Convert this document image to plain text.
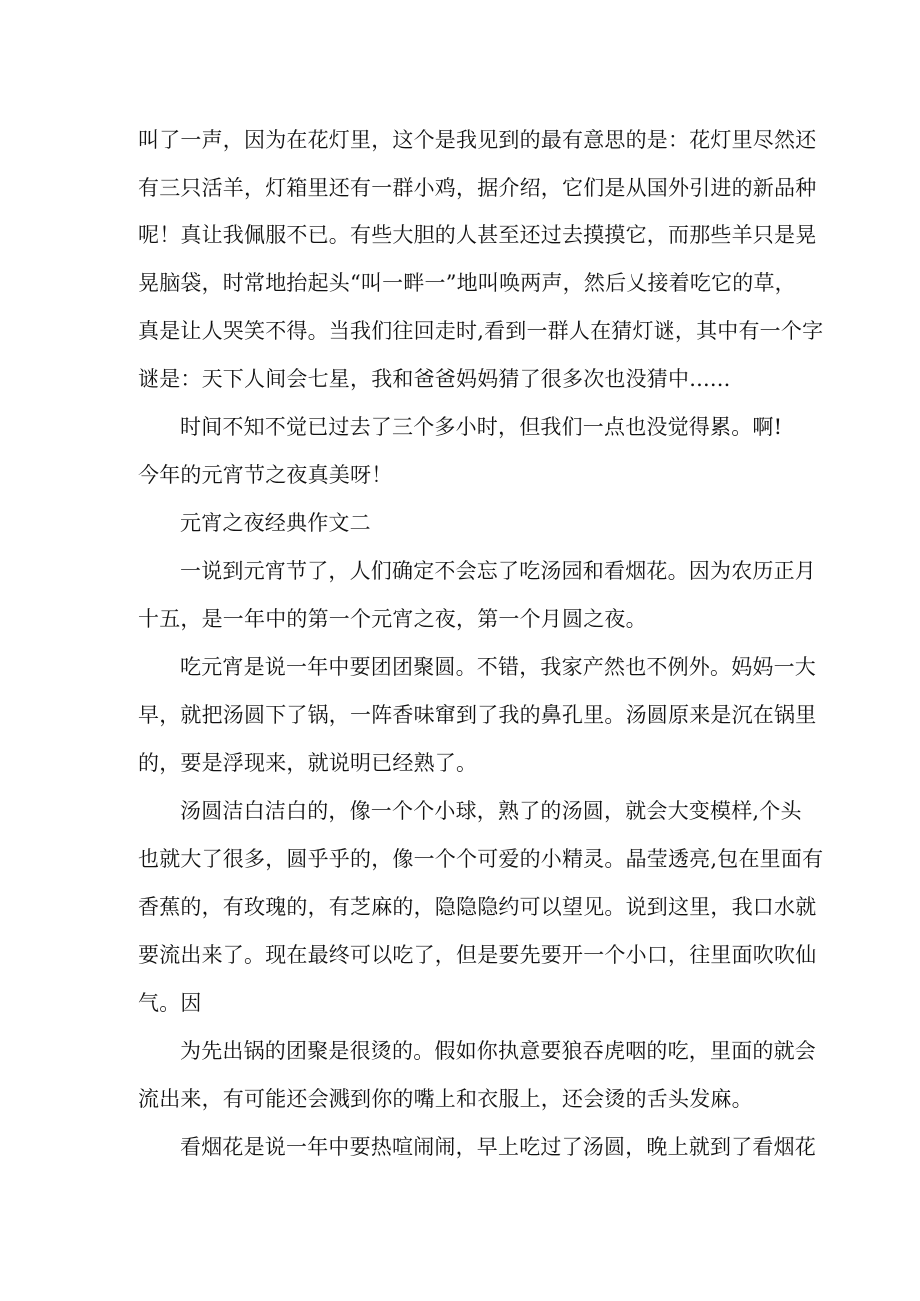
叫了一声，因为在花灯里，这个是我见到的最有意思的是：花灯里尽然还
有三只活羊，灯箱里还有一群小鸡，据介绍，它们是从国外引进的新品种
呢！真让我佩服不已。有些大胆的人甚至还过去摸摸它，而那些羊只是晃
晃脑袋，时常地抬起头“叫一畔一”地叫唤两声，然后乂接着吃它的草，
真是让人哭笑不得。当我们往回走时,看到一群人在猜灯谜，其中有一个字
谜是：天下人间会七星，我和爸爸妈妈猜了很多次也没猜中......
时间不知不觉已过去了三个多小时，但我们一点也没觉得累。啊!
今年的元宵节之夜真美呀！
元宵之夜经典作文二
一说到元宵节了，人们确定不会忘了吃汤园和看烟花。因为农历正月
十五，是一年中的第一个元宵之夜，第一个月圆之夜。
吃元宵是说一年中要团团聚圆。不错，我家产然也不例外。妈妈一大
早，就把汤圆下了锅，一阵香味窜到了我的鼻孔里。汤圆原来是沉在锅里
的，要是浮现来，就说明已经熟了。
汤圆洁白洁白的，像一个个小球，熟了的汤圆，就会大变模样,个头
也就大了很多，圆乎乎的，像一个个可爱的小精灵。晶莹透亮,包在里面有
香蕉的，有玫瑰的，有芝麻的，隐隐隐约可以望见。说到这里，我口水就
要流出来了。现在最终可以吃了，但是要先要开一个小口，往里面吹吹仙
气。因
为先出锅的团聚是很烫的。假如你执意要狼吞虎咽的吃，里面的就会
流出来，有可能还会溅到你的嘴上和衣服上，还会烫的舌头发麻。
看烟花是说一年中要热喧闹闹，早上吃过了汤圆，晚上就到了看烟花
